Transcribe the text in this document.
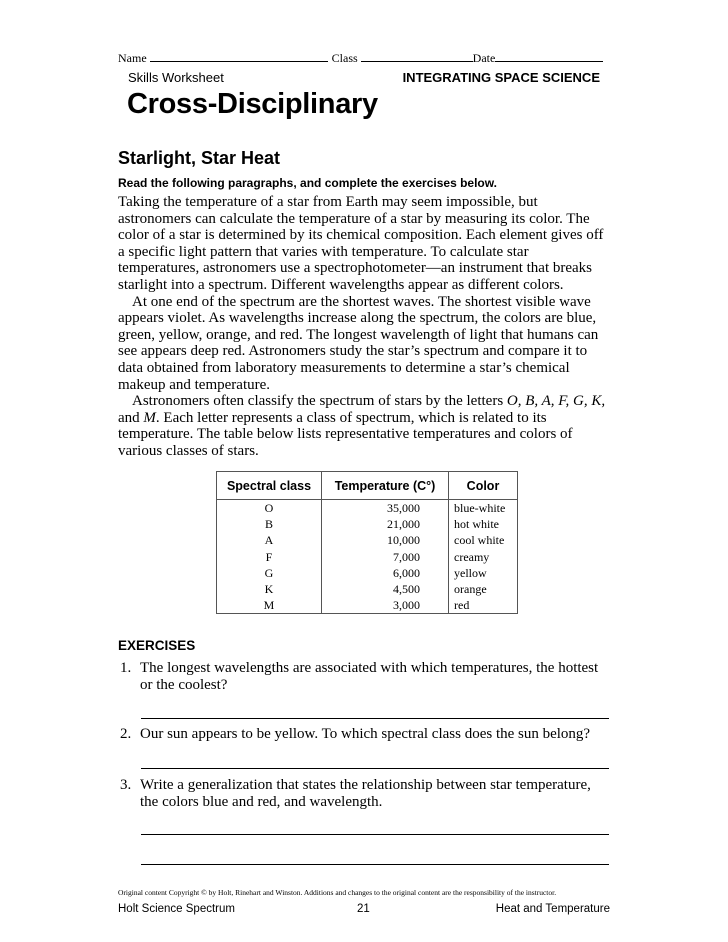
Name	Class	Date
Skills Worksheet	INTEGRATING SPACE SCIENCE
Cross-Disciplinary
Starlight, Star Heat
Read the following paragraphs, and complete the exercises below.

Taking the temperature of a star from Earth may seem impossible, but astronomers can calculate the temperature of a star by measuring its color. The color of a star is determined by its chemical composition. Each element gives off a specific light pattern that varies with temperature. To calculate star temperatures, astronomers use a spectrophotometer—an instrument that breaks starlight into a spectrum. Different wavelengths appear as different colors.

At one end of the spectrum are the shortest waves. The shortest visible wave appears violet. As wavelengths increase along the spectrum, the colors are blue, green, yellow, orange, and red. The longest wavelength of light that humans can see appears deep red. Astronomers study the star’s spectrum and compare it to data obtained from laboratory measurements to determine a star’s chemical makeup and temperature.

Astronomers often classify the spectrum of stars by the letters O, B, A, F, G, K, and M. Each letter represents a class of spectrum, which is related to its temperature. The table below lists representative temperatures and colors of various classes of stars.

Spectral class	Temperature (C°)	Color
O	35,000	blue-white
B	21,000	hot white
A	10,000	cool white
F	7,000	creamy
G	6,000	yellow
K	4,500	orange
M	3,000	red
EXERCISES
1. The longest wavelengths are associated with which temperatures, the hottest or the coolest?
2. Our sun appears to be yellow. To which spectral class does the sun belong?
3. Write a generalization that states the relationship between star temperature, the colors blue and red, and wavelength.
Original content Copyright © by Holt, Rinehart and Winston. Additions and changes to the original content are the responsibility of the instructor.
Holt Science Spectrum	21	Heat and Temperature
